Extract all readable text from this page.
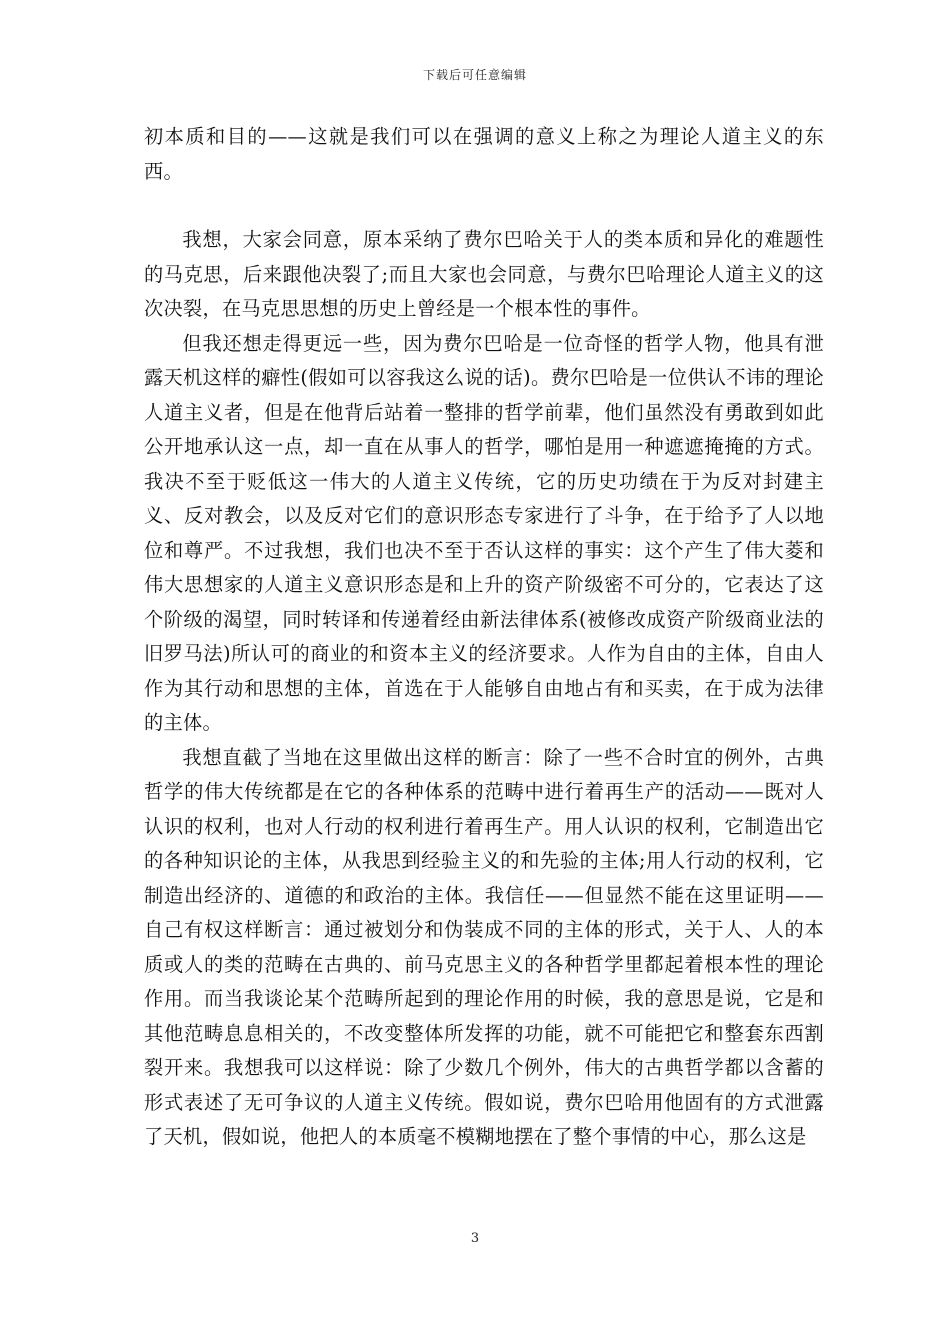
下载后可任意编辑

初本质和目的——这就是我们可以在强调的意义上称之为理论人道主义的东西。

我想，大家会同意，原本采纳了费尔巴哈关于人的类本质和异化的难题性的马克思，后来跟他决裂了;而且大家也会同意，与费尔巴哈理论人道主义的这次决裂，在马克思思想的历史上曾经是一个根本性的事件。

但我还想走得更远一些，因为费尔巴哈是一位奇怪的哲学人物，他具有泄露天机这样的癖性(假如可以容我这么说的话)。费尔巴哈是一位供认不讳的理论人道主义者，但是在他背后站着一整排的哲学前辈，他们虽然没有勇敢到如此公开地承认这一点，却一直在从事人的哲学，哪怕是用一种遮遮掩掩的方式。我决不至于贬低这一伟大的人道主义传统，它的历史功绩在于为反对封建主义、反对教会，以及反对它们的意识形态专家进行了斗争，在于给予了人以地位和尊严。不过我想，我们也决不至于否认这样的事实：这个产生了伟大菱和伟大思想家的人道主义意识形态是和上升的资产阶级密不可分的，它表达了这个阶级的渴望，同时转译和传递着经由新法律体系(被修改成资产阶级商业法的旧罗马法)所认可的商业的和资本主义的经济要求。人作为自由的主体，自由人作为其行动和思想的主体，首选在于人能够自由地占有和买卖，在于成为法律的主体。

我想直截了当地在这里做出这样的断言：除了一些不合时宜的例外，古典哲学的伟大传统都是在它的各种体系的范畴中进行着再生产的活动——既对人认识的权利，也对人行动的权利进行着再生产。用人认识的权利，它制造出它的各种知识论的主体，从我思到经验主义的和先验的主体;用人行动的权利，它制造出经济的、道德的和政治的主体。我信任——但显然不能在这里证明——自己有权这样断言：通过被划分和伪装成不同的主体的形式，关于人、人的本质或人的类的范畴在古典的、前马克思主义的各种哲学里都起着根本性的理论作用。而当我谈论某个范畴所起到的理论作用的时候，我的意思是说，它是和其他范畴息息相关的，不改变整体所发挥的功能，就不可能把它和整套东西割裂开来。我想我可以这样说：除了少数几个例外，伟大的古典哲学都以含蓄的形式表述了无可争议的人道主义传统。假如说，费尔巴哈用他固有的方式泄露了天机，假如说，他把人的本质毫不模糊地摆在了整个事情的中心，那么这是

3
